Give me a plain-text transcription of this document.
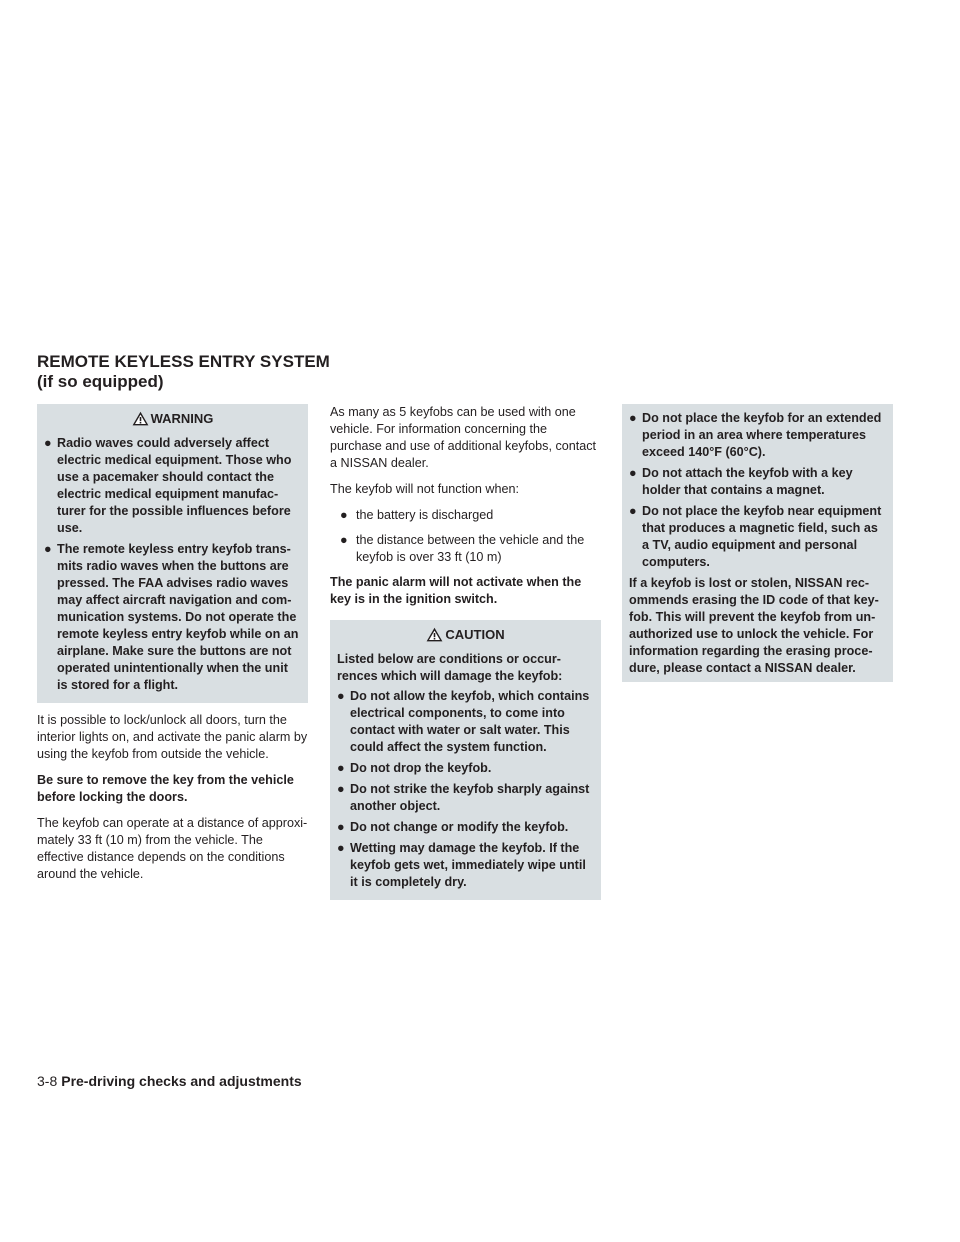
REMOTE KEYLESS ENTRY SYSTEM
(if so equipped)
WARNING
● Radio waves could adversely affect electric medical equipment. Those who use a pacemaker should contact the electric medical equipment manufacturer for the possible influences before use.
● The remote keyless entry keyfob transmits radio waves when the buttons are pressed. The FAA advises radio waves may affect aircraft navigation and communication systems. Do not operate the remote keyless entry keyfob while on an airplane. Make sure the buttons are not operated unintentionally when the unit is stored for a flight.

It is possible to lock/unlock all doors, turn the interior lights on, and activate the panic alarm by using the keyfob from outside the vehicle.

Be sure to remove the key from the vehicle before locking the doors.

The keyfob can operate at a distance of approximately 33 ft (10 m) from the vehicle. The effective distance depends on the conditions around the vehicle.

As many as 5 keyfobs can be used with one vehicle. For information concerning the purchase and use of additional keyfobs, contact a NISSAN dealer.

The keyfob will not function when:

● the battery is discharged
● the distance between the vehicle and the keyfob is over 33 ft (10 m)

The panic alarm will not activate when the key is in the ignition switch.

CAUTION

Listed below are conditions or occurrences which will damage the keyfob:

● Do not allow the keyfob, which contains electrical components, to come into contact with water or salt water. This could affect the system function.
● Do not drop the keyfob.
● Do not strike the keyfob sharply against another object.
● Do not change or modify the keyfob.
● Wetting may damage the keyfob. If the keyfob gets wet, immediately wipe until it is completely dry.
● Do not place the keyfob for an extended period in an area where temperatures exceed 140°F (60°C).
● Do not attach the keyfob with a key holder that contains a magnet.
● Do not place the keyfob near equipment that produces a magnetic field, such as a TV, audio equipment and personal computers.

If a keyfob is lost or stolen, NISSAN recommends erasing the ID code of that keyfob. This will prevent the keyfob from unauthorized use to unlock the vehicle. For information regarding the erasing procedure, please contact a NISSAN dealer.

3-8 Pre-driving checks and adjustments
